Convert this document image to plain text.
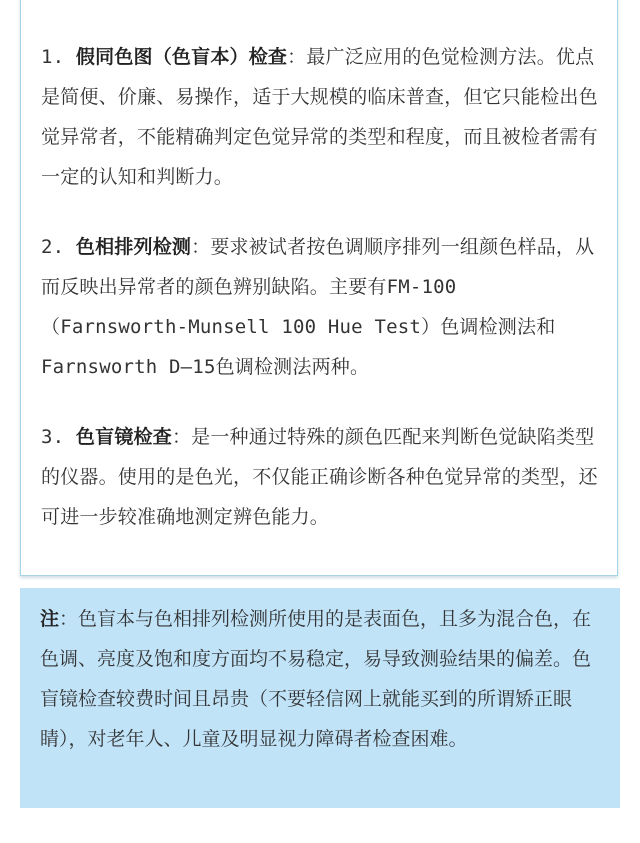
1. 假同色图（色盲本）检查：最广泛应用的色觉检测方法。优点是简便、价廉、易操作，适于大规模的临床普查，但它只能检出色觉异常者，不能精确判定色觉异常的类型和程度，而且被检者需有一定的认知和判断力。
2. 色相排列检测：要求被试者按色调顺序排列一组颜色样品，从而反映出异常者的颜色辨别缺陷。主要有FM-100（Farnsworth-Munsell 100 Hue Test）色调检测法和Farnsworth D—15色调检测法两种。
3. 色盲镜检查：是一种通过特殊的颜色匹配来判断色觉缺陷类型的仪器。使用的是色光，不仅能正确诊断各种色觉异常的类型，还可进一步较准确地测定辨色能力。
注：色盲本与色相排列检测所使用的是表面色，且多为混合色，在色调、亮度及饱和度方面均不易稳定，易导致测验结果的偏差。色盲镜检查较费时间且昂贵（不要轻信网上就能买到的所谓矫正眼睛），对老年人、儿童及明显视力障碍者检查困难。
